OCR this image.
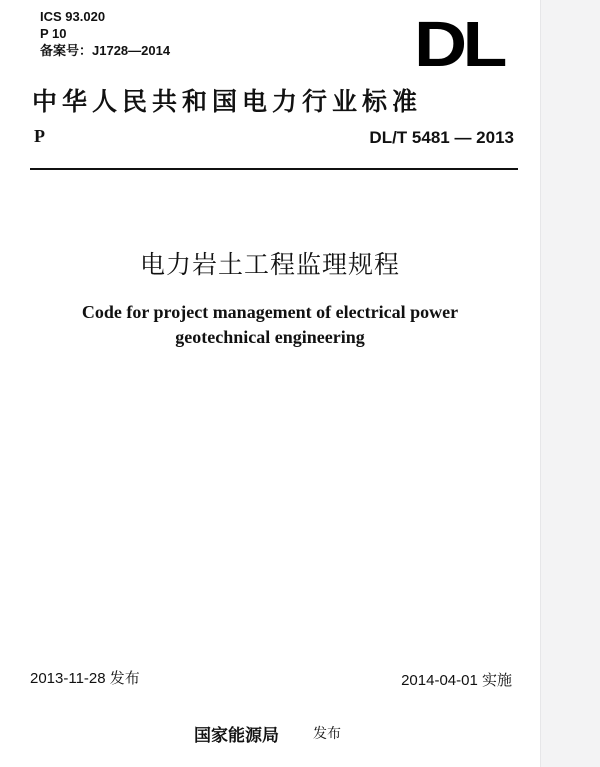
ICS 93.020
P 10
备案号：J1728—2014	DL
中华人民共和国电力行业标准
P	DL/T 5481 — 2013
电力岩土工程监理规程
Code for project management of electrical power
geotechnical engineering
2013-11-28 发布	2014-04-01 实施
国家能源局 发布
